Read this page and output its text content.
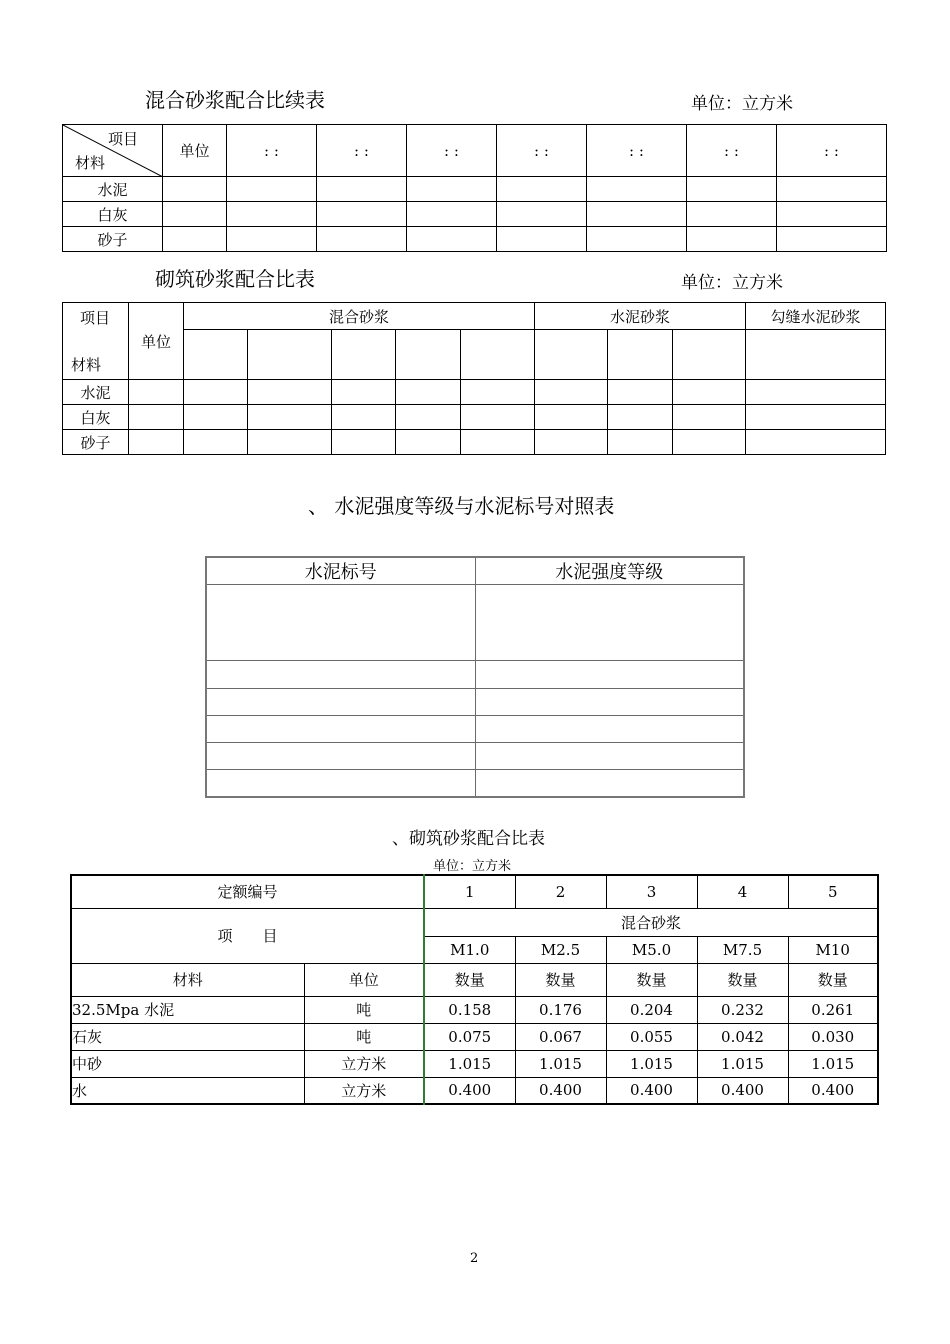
混合砂浆配合比续表	单位：立方米
项目
材料	单位	: :	: :	: :	: :	: :	: :	: :
水泥								
白灰								
砂子								
砌筑砂浆配合比表	单位：立方米
项目
材料	单位	混合砂浆					水泥砂浆			勾缝水泥砂浆

水泥										
白灰										
砂子										
、 水泥强度等级与水泥标号对照表
水泥标号	水泥强度等级

、砌筑砂浆配合比表
单位：立方米
定额编号		1	2	3	4	5
项　　目		混合砂浆				
		M1.0	M2.5	M5.0	M7.5	M10
材料	单位	数量	数量	数量	数量	数量
32.5Mpa 水泥	吨	0.158	0.176	0.204	0.232	0.261
石灰	吨	0.075	0.067	0.055	0.042	0.030
中砂	立方米	1.015	1.015	1.015	1.015	1.015
水	立方米	0.400	0.400	0.400	0.400	0.400
2
